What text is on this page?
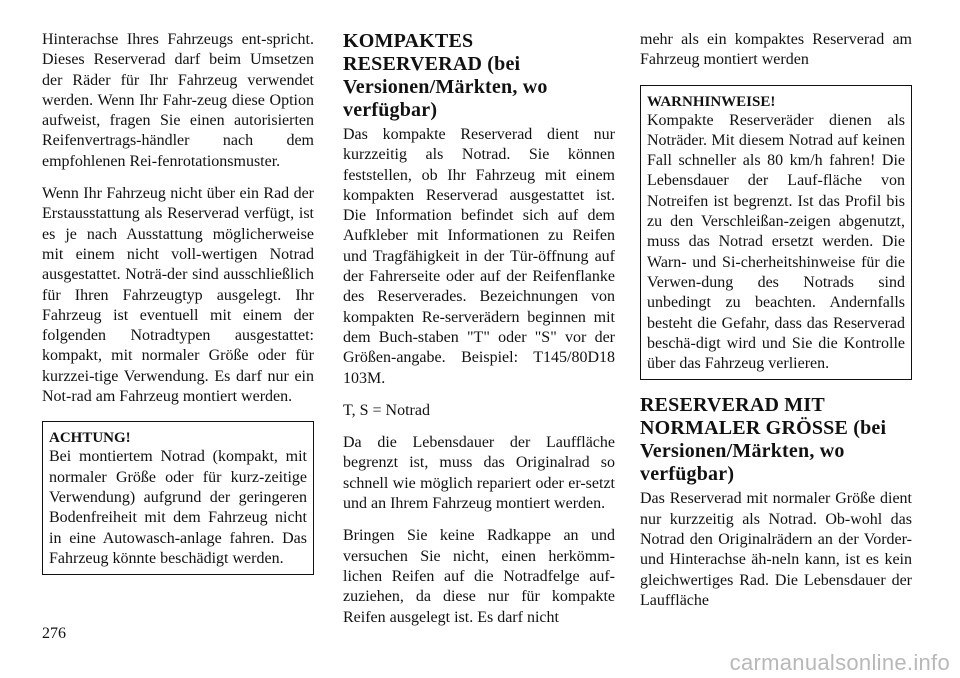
Hinterachse Ihres Fahrzeugs ent-spricht. Dieses Reserverad darf beim Umsetzen der Räder für Ihr Fahrzeug verwendet werden. Wenn Ihr Fahr-zeug diese Option aufweist, fragen Sie einen autorisierten Reifenvertrags-händler nach dem empfohlenen Rei-fenrotationsmuster.

Wenn Ihr Fahrzeug nicht über ein Rad der Erstausstattung als Reserverad verfügt, ist es je nach Ausstattung möglicherweise mit einem nicht voll-wertigen Notrad ausgestattet. Noträ-der sind ausschließlich für Ihren Fahrzeugtyp ausgelegt. Ihr Fahrzeug ist eventuell mit einem der folgenden Notradtypen ausgestattet: kompakt, mit normaler Größe oder für kurzzei-tige Verwendung. Es darf nur ein Not-rad am Fahrzeug montiert werden.

ACHTUNG!
Bei montiertem Notrad (kompakt, mit normaler Größe oder für kurz-zeitige Verwendung) aufgrund der geringeren Bodenfreiheit mit dem Fahrzeug nicht in eine Autowasch-anlage fahren. Das Fahrzeug könnte beschädigt werden.
KOMPAKTES RESERVERAD (bei Versionen/Märkten, wo verfügbar)

Das kompakte Reserverad dient nur kurzzeitig als Notrad. Sie können feststellen, ob Ihr Fahrzeug mit einem kompakten Reserverad ausgestattet ist. Die Information befindet sich auf dem Aufkleber mit Informationen zu Reifen und Tragfähigkeit in der Tür-öffnung auf der Fahrerseite oder auf der Reifenflanke des Reserverades. Bezeichnungen von kompakten Re-serverädern beginnen mit dem Buch-staben "T" oder "S" vor der Größen-angabe. Beispiel: T145/80D18 103M.

T, S = Notrad

Da die Lebensdauer der Lauffläche begrenzt ist, muss das Originalrad so schnell wie möglich repariert oder er-setzt und an Ihrem Fahrzeug montiert werden.

Bringen Sie keine Radkappe an und versuchen Sie nicht, einen herkömm-lichen Reifen auf die Notradfelge auf-zuziehen, da diese nur für kompakte Reifen ausgelegt ist. Es darf nicht

mehr als ein kompaktes Reserverad am Fahrzeug montiert werden

WARNHINWEISE!
Kompakte Reserveräder dienen als Noträder. Mit diesem Notrad auf keinen Fall schneller als 80 km/h fahren! Die Lebensdauer der Lauf-fläche von Notreifen ist begrenzt. Ist das Profil bis zu den Verschleißan-zeigen abgenutzt, muss das Notrad ersetzt werden. Die Warn- und Si-cherheitshinweise für die Verwen-dung des Notrads sind unbedingt zu beachten. Andernfalls besteht die Gefahr, dass das Reserverad beschä-digt wird und Sie die Kontrolle über das Fahrzeug verlieren.
RESERVERAD MIT NORMALER GRÖSSE (bei Versionen/Märkten, wo verfügbar)

Das Reserverad mit normaler Größe dient nur kurzzeitig als Notrad. Ob-wohl das Notrad den Originalrädern an der Vorder- und Hinterachse äh-neln kann, ist es kein gleichwertiges Rad. Die Lebensdauer der Lauffläche

276
carmanualsonline.info
